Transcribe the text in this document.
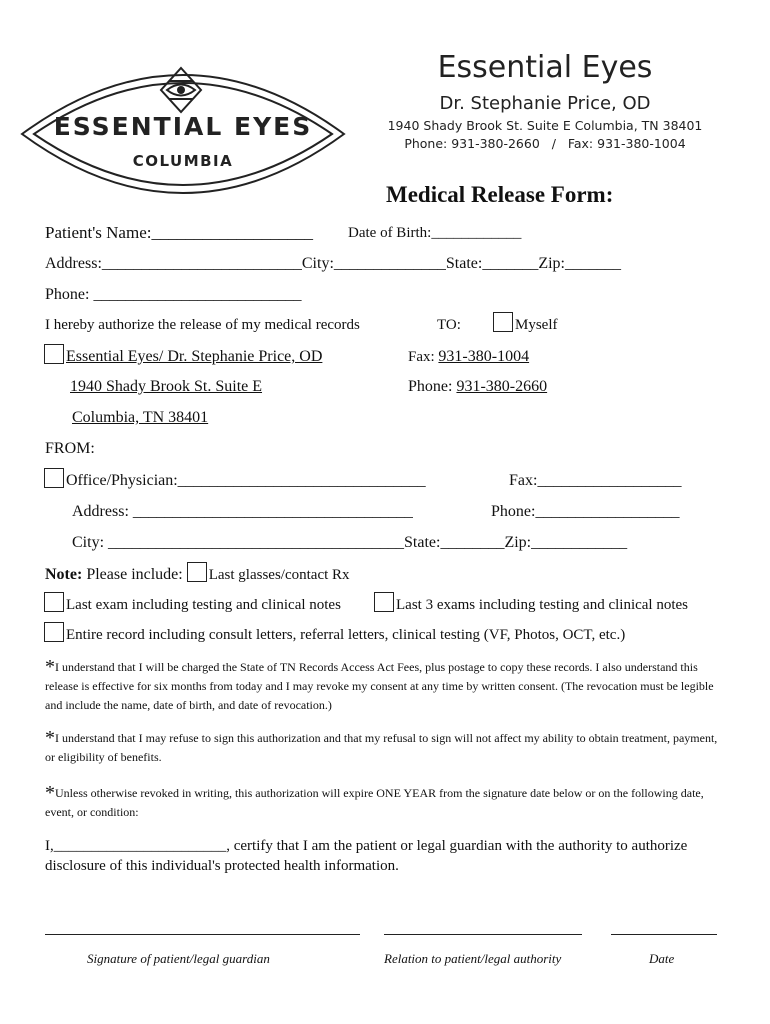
ESSENTIAL EYES
COLUMBIA
Essential Eyes
Dr. Stephanie Price, OD
1940 Shady Brook St. Suite E Columbia, TN 38401
Phone: 931-380-2660   /   Fax: 931-380-1004
Medical Release Form:
Patient's Name:___________________ Date of Birth:____________
Address:_________________________City:______________State:_______Zip:_______
Phone: __________________________
I hereby authorize the release of my medical records	TO:	Myself
Essential Eyes/ Dr. Stephanie Price, OD
1940 Shady Brook St. Suite E
Columbia, TN 38401
Fax: 931-380-1004
Phone: 931-380-2660
FROM:
Office/Physician:_______________________________	Fax:__________________
Address: ___________________________________	Phone:__________________
City: _____________________________________State:________Zip:____________
Note: Please include: Last glasses/contact Rx
Last exam including testing and clinical notes	Last 3 exams including testing and clinical notes
Entire record including consult letters, referral letters, clinical testing (VF, Photos, OCT, etc.)
*I understand that I will be charged the State of TN Records Access Act Fees, plus postage to copy these records. I also understand this release is effective for six months from today and I may revoke my consent at any time by written consent. (The revocation must be legible and include the name, date of birth, and date of revocation.)
*I understand that I may refuse to sign this authorization and that my refusal to sign will not affect my ability to obtain treatment, payment, or eligibility of benefits.
*Unless otherwise revoked in writing, this authorization will expire ONE YEAR from the signature date below or on the following date, event, or condition:
I,_______________________, certify that I am the patient or legal guardian with the authority to authorize disclosure of this individual's protected health information.
Signature of patient/legal guardian	Relation to patient/legal authority	Date
